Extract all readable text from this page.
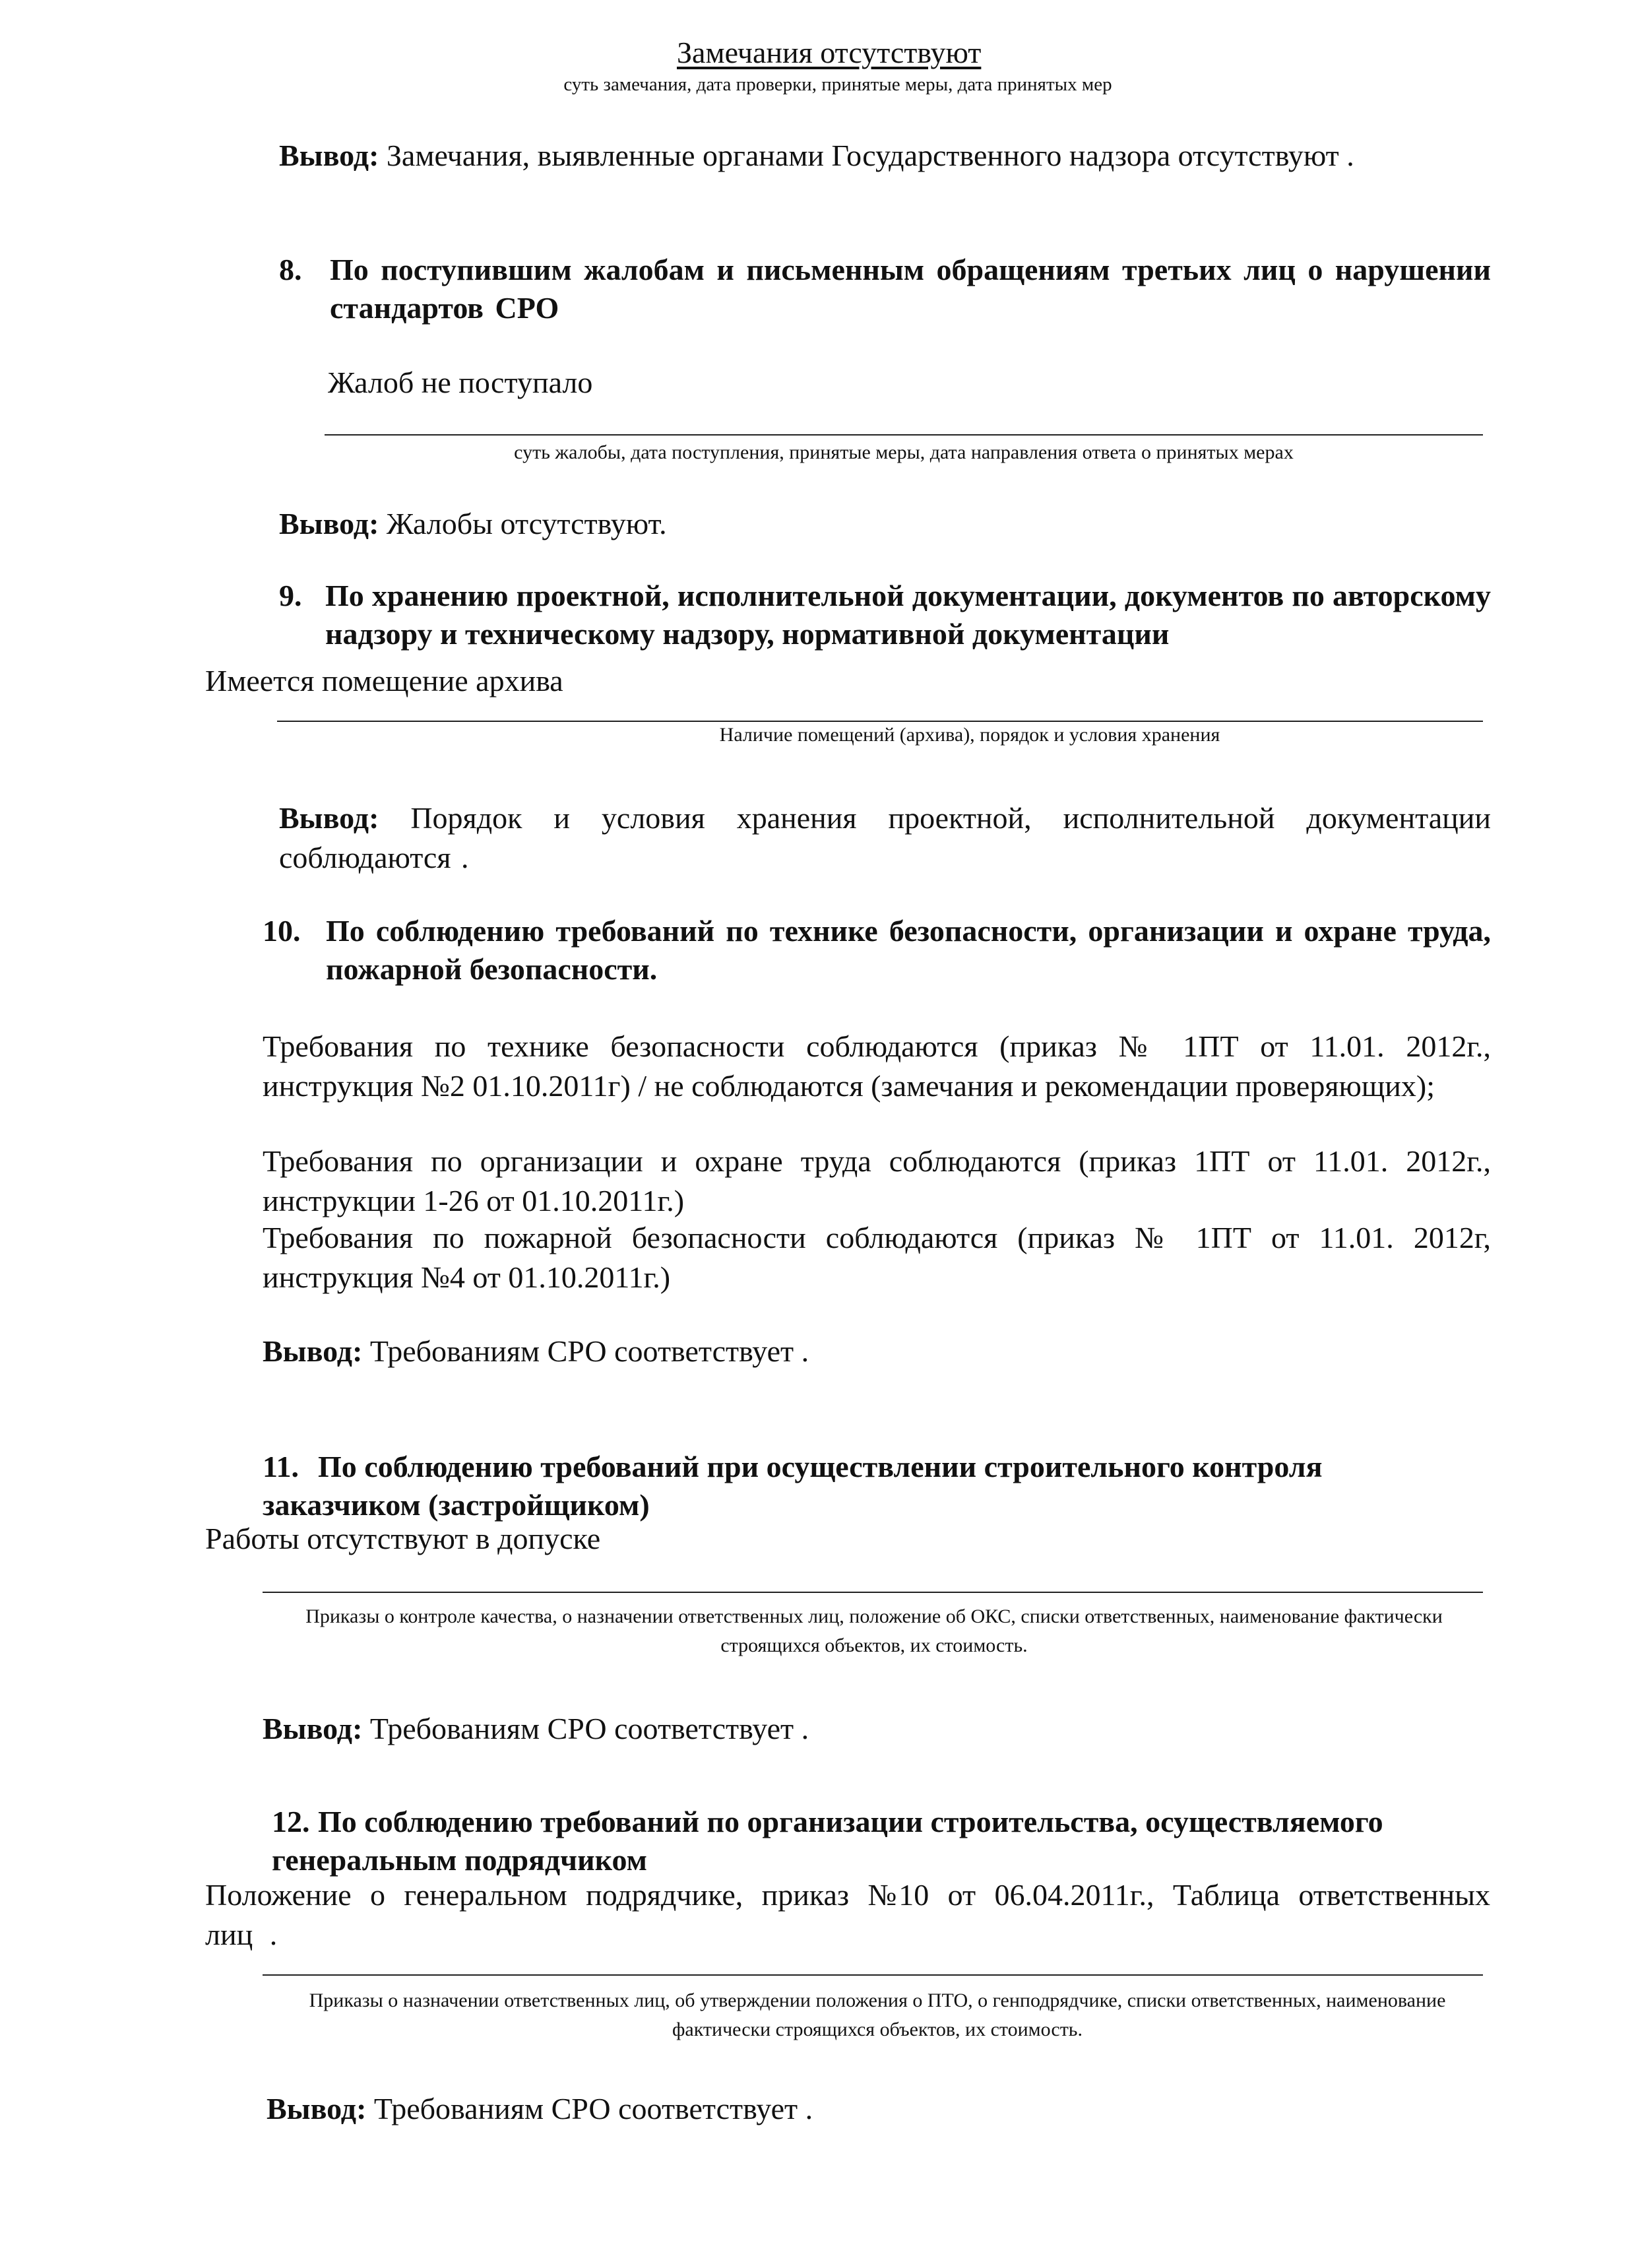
Замечания отсутствуют
суть замечания, дата проверки, принятые меры, дата принятых мер
Вывод: Замечания, выявленные органами Государственного надзора отсутствуют .
8. По поступившим жалобам и письменным обращениям третьих лиц о нарушении стандартов СРО
Жалоб не поступало
суть жалобы, дата поступления, принятые меры, дата направления ответа о принятых мерах
Вывод: Жалобы отсутствуют.
9. По хранению проектной, исполнительной документации, документов по авторскому надзору и техническому надзору, нормативной документации
Имеется помещение архива
Наличие помещений (архива), порядок и условия хранения
Вывод: Порядок и условия хранения проектной, исполнительной документации соблюдаются .
10. По соблюдению требований по технике безопасности, организации и охране труда, пожарной безопасности.
Требования по технике безопасности соблюдаются (приказ № 1ПТ от 11.01. 2012г., инструкция №2 01.10.2011г) / не соблюдаются (замечания и рекомендации проверяющих);
Требования по организации и охране труда соблюдаются (приказ 1ПТ от 11.01. 2012г., инструкции 1-26 от 01.10.2011г.)
Требования по пожарной безопасности соблюдаются (приказ № 1ПТ от 11.01. 2012г, инструкция №4 от 01.10.2011г.)
Вывод: Требованиям СРО соответствует .
11. По соблюдению требований при осуществлении строительного контроля заказчиком (застройщиком)
Работы отсутствуют в допуске
Приказы о контроле качества, о назначении ответственных лиц, положение об ОКС, списки ответственных, наименование фактически строящихся объектов, их стоимость.
Вывод: Требованиям СРО соответствует .
12. По соблюдению требований по организации строительства, осуществляемого генеральным подрядчиком
Положение о генеральном подрядчике, приказ №10 от 06.04.2011г., Таблица ответственных лиц .
Приказы о назначении ответственных лиц, об утверждении положения о ПТО, о генподрядчике, списки ответственных, наименование фактически строящихся объектов, их стоимость.
Вывод: Требованиям СРО соответствует .
